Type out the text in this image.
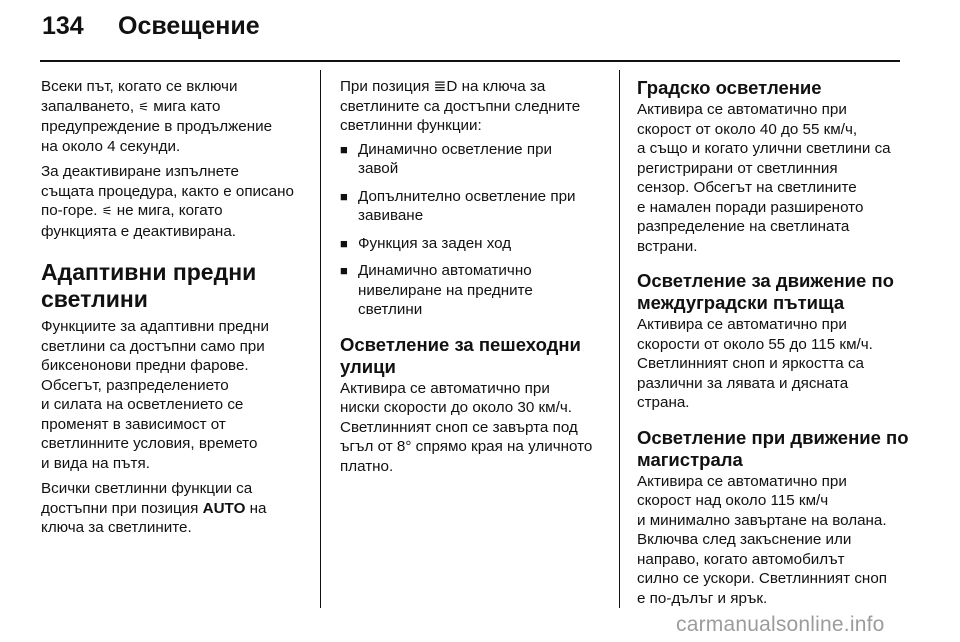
134 Освещение

Всеки път, когато се включи
запалването, ⚟ мига като
предупреждение в продължение
на около 4 секунди.

За деактивиране изпълнете
същата процедура, както е описано
по-горе. ⚟ не мига, когато
функцията е деактивирана.

Адаптивни предни
светлини

Функциите за адаптивни предни
светлини са достъпни само при
биксенонови предни фарове.
Обсегът, разпределението
и силата на осветлението се
променят в зависимост от
светлинните условия, времето
и вида на пътя.

Всички светлинни функции са
достъпни при позиция AUTO на
ключа за светлините.

При позиция ≣D на ключа за
светлините са достъпни следните
светлинни функции:

■ Динамично осветление при
завой
■ Допълнително осветление при
завиване
■ Функция за заден ход
■ Динамично автоматично
нивелиране на предните
светлини
Осветление за пешеходни
улици

Активира се автоматично при
ниски скорости до около 30 км/ч.
Светлинният сноп се завърта под
ъгъл от 8° спрямо края на уличното
платно.

Градско осветление

Активира се автоматично при
скорост от около 40 до 55 км/ч,
а също и когато улични светлини са
регистрирани от светлинния
сензор. Обсегът на светлините
е намален поради разширеното
разпределение на светлината
встрани.

Осветление за движение по
междуградски пътища

Активира се автоматично при
скорости от около 55 до 115 км/ч.
Светлинният сноп и яркостта са
различни за лявата и дясната
страна.

Осветление при движение по
магистрала

Активира се автоматично при
скорост над около 115 км/ч
и минимално завъртане на волана.
Включва след закъснение или
направо, когато автомобилът
силно се ускори. Светлинният сноп
е по-дълъг и ярък.

carmanualsonline.info
